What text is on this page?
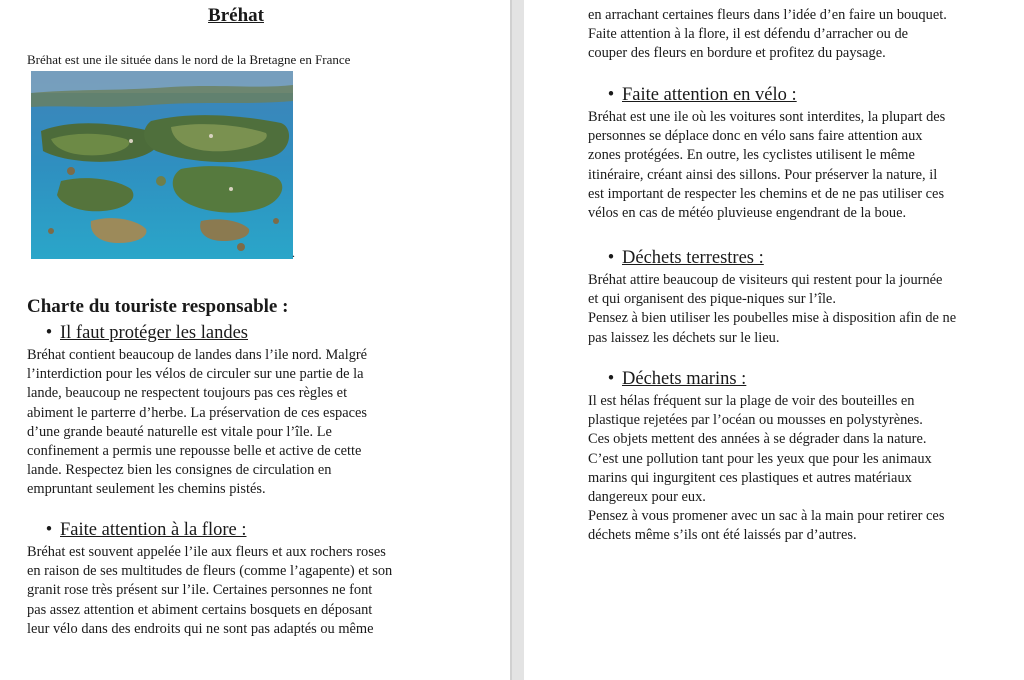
Bréhat
Bréhat est une ile située dans le nord de la Bretagne en France
.
Charte du touriste responsable :
• Il faut protéger les landes
Bréhat contient beaucoup de landes dans l’ile nord. Malgré
l’interdiction pour les vélos de circuler sur une partie de la
lande, beaucoup ne respectent toujours pas ces règles et
abiment le parterre d’herbe. La préservation de ces espaces
d’une grande beauté naturelle est vitale pour l’île. Le
confinement a permis une repousse belle et active de cette
lande. Respectez bien les consignes de circulation en
empruntant seulement les chemins pistés.
• Faite attention à la flore :
Bréhat est souvent appelée l’ile aux fleurs et aux rochers roses
en raison de ses multitudes de fleurs (comme l’agapente) et son
granit rose très présent sur l’ile. Certaines personnes ne font
pas assez attention et abiment certains bosquets en déposant
leur vélo dans des endroits qui ne sont pas adaptés ou même
en arrachant certaines fleurs dans l’idée d’en faire un bouquet.
Faite attention à la flore, il est défendu d’arracher ou de
couper des fleurs en bordure et profitez du paysage.
• Faite attention en vélo :
Bréhat est une ile où les voitures sont interdites, la plupart des
personnes se déplace donc en vélo sans faire attention aux
zones protégées. En outre, les cyclistes utilisent le même
itinéraire, créant ainsi des sillons. Pour préserver la nature, il
est important de respecter les chemins et de ne pas utiliser ces
vélos en cas de météo pluvieuse engendrant de la boue.
• Déchets terrestres :
Bréhat attire beaucoup de visiteurs qui restent pour la journée
et qui organisent des pique-niques sur l’île.
Pensez à bien utiliser les poubelles mise à disposition afin de ne
pas laissez les déchets sur le lieu.
• Déchets marins :
Il est hélas fréquent sur la plage de voir des bouteilles en
plastique rejetées par l’océan ou mousses en polystyrènes.
Ces objets mettent des années à se dégrader dans la nature.
C’est une pollution tant pour les yeux que pour les animaux
marins qui ingurgitent ces plastiques et autres matériaux
dangereux pour eux.
Pensez à vous promener avec un sac à la main pour retirer ces
déchets même s’ils ont été laissés par d’autres.
